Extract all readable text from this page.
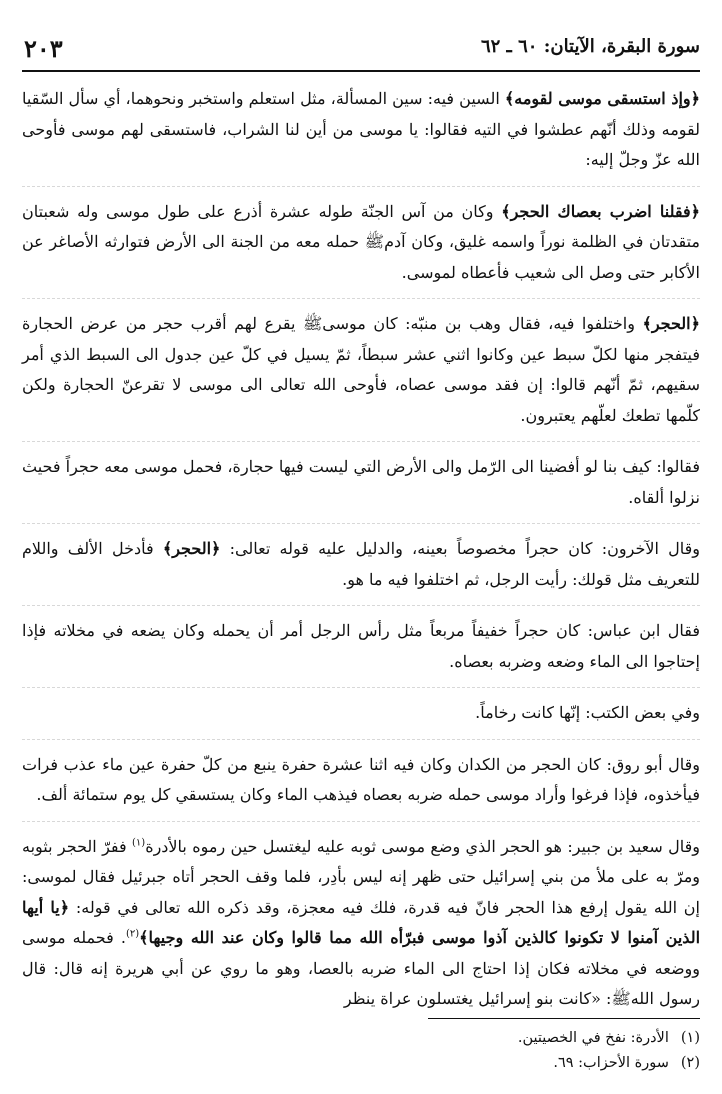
سورة البقرة، الآيتان: ٦٠ ـ ٦٢
٢٠٣

﴿وإذ استسقى موسى لقومه﴾ السين فيه: سين المسألة، مثل استعلم واستخبر ونحوهما، أي سأل السّقيا لقومه وذلك أنّهم عطشوا في التيه فقالوا: يا موسى من أين لنا الشراب، فاستسقى لهم موسى فأوحى الله عزّ وجلّ إليه:

﴿فقلنا اضرب بعصاك الحجر﴾ وكان من آس الجنّة طوله عشرة أذرع على طول موسى وله شعبتان متقدتان في الظلمة نوراً واسمه غليق، وكان آدمﷺ حمله معه من الجنة الى الأرض فتوارثه الأصاغر عن الأكابر حتى وصل الى شعيب فأعطاه لموسى.

﴿الحجر﴾ واختلفوا فيه، فقال وهب بن منبّه: كان موسىﷺ يقرع لهم أقرب حجر من عرض الحجارة فيتفجر منها لكلّ سبط عين وكانوا اثني عشر سبطاً، ثمّ يسيل في كلّ عين جدول الى السبط الذي أمر سقيهم، ثمّ أنّهم قالوا: إن فقد موسى عصاه، فأوحى الله تعالى الى موسى لا تقرعنّ الحجارة ولكن كلّمها تطعك لعلّهم يعتبرون.

فقالوا: كيف بنا لو أفضينا الى الرّمل والى الأرض التي ليست فيها حجارة، فحمل موسى معه حجراً فحيث نزلوا ألقاه.

وقال الآخرون: كان حجراً مخصوصاً بعينه، والدليل عليه قوله تعالى: ﴿الحجر﴾ فأدخل الألف واللام للتعريف مثل قولك: رأيت الرجل، ثم اختلفوا فيه ما هو.

فقال ابن عباس: كان حجراً خفيفاً مربعاً مثل رأس الرجل أمر أن يحمله وكان يضعه في مخلاته فإذا إحتاجوا الى الماء وضعه وضربه بعصاه.

وفي بعض الكتب: إنّها كانت رخاماً.

وقال أبو روق: كان الحجر من الكدان وكان فيه اثنا عشرة حفرة ينبع من كلّ حفرة عين ماء عذب فرات فيأخذوه، فإذا فرغوا وأراد موسى حمله ضربه بعصاه فيذهب الماء وكان يستسقي كل يوم ستمائة ألف.

وقال سعيد بن جبير: هو الحجر الذي وضع موسى ثوبه عليه ليغتسل حين رموه بالأدرة$^{(١)}$ ففرّ الحجر بثوبه ومرّ به على ملأ من بني إسرائيل حتى ظهر إنه ليس بأدِر، فلما وقف الحجر أتاه جبرئيل فقال لموسى: إن الله يقول إرفع هذا الحجر فانّ فيه قدرة، فلك فيه معجزة، وقد ذكره الله تعالى في قوله: ﴿يا أيها الذين آمنوا لا تكونوا كالذين آذوا موسى فبرّأه الله مما قالوا وكان عند الله وجيها﴾$^{(٢)}$. فحمله موسى ووضعه في مخلاته فكان إذا احتاج الى الماء ضربه بالعصا، وهو ما روي عن أبي هريرة إنه قال: قال رسول اللهﷺ: «كانت بنو إسرائيل يغتسلون عراة ينظر

(١)الأدرة: نفخ في الخصيتين.
(٢)سورة الأحزاب: ٦٩.
